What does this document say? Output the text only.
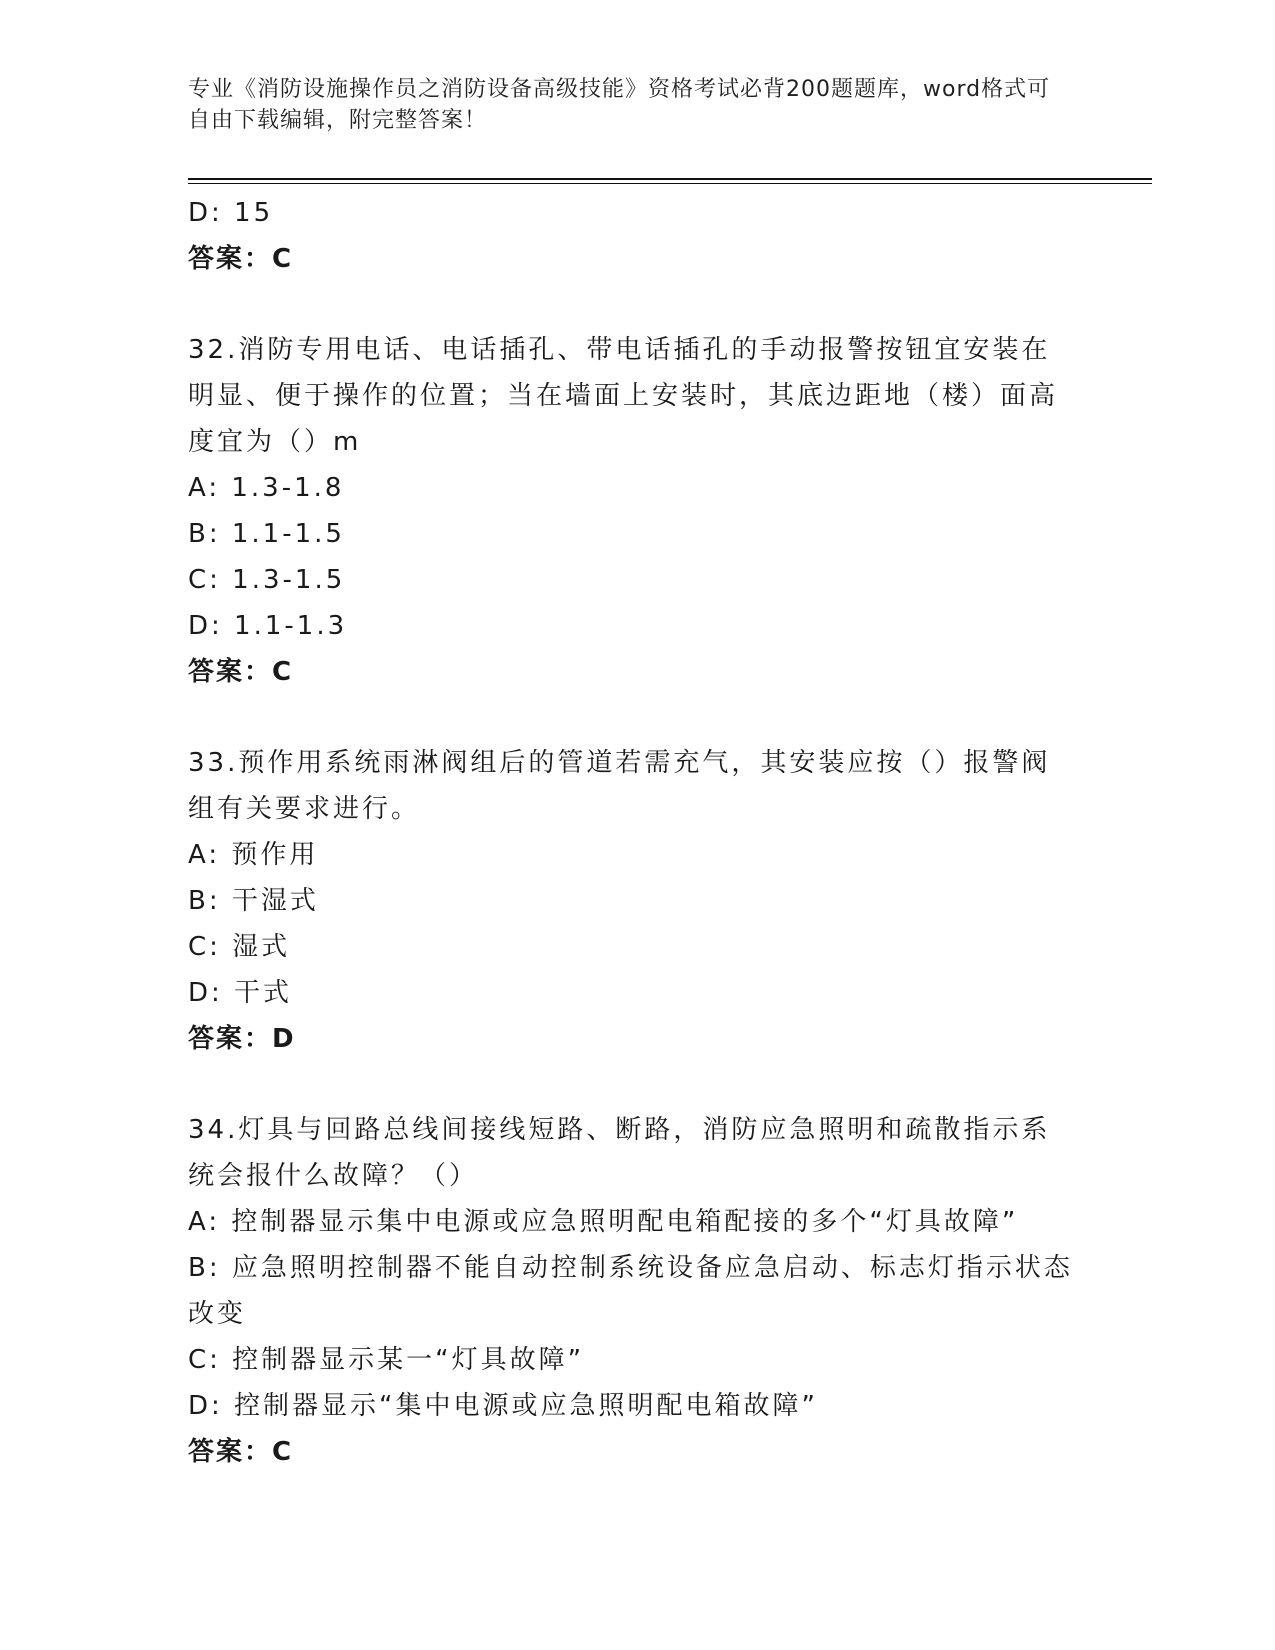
专业《消防设施操作员之消防设备高级技能》资格考试必背200题题库，word格式可自由下载编辑，附完整答案！
D: 15
答案：C
32.消防专用电话、电话插孔、带电话插孔的手动报警按钮宜安装在明显、便于操作的位置；当在墙面上安装时，其底边距地（楼）面高度宜为（）m
A: 1.3-1.8
B: 1.1-1.5
C: 1.3-1.5
D: 1.1-1.3
答案：C
33.预作用系统雨淋阀组后的管道若需充气，其安装应按（）报警阀组有关要求进行。
A: 预作用
B: 干湿式
C: 湿式
D: 干式
答案：D
34.灯具与回路总线间接线短路、断路，消防应急照明和疏散指示系统会报什么故障？（）
A: 控制器显示集中电源或应急照明配电箱配接的多个“灯具故障”
B: 应急照明控制器不能自动控制系统设备应急启动、标志灯指示状态改变
C: 控制器显示某一“灯具故障”
D: 控制器显示“集中电源或应急照明配电箱故障”
答案：C
